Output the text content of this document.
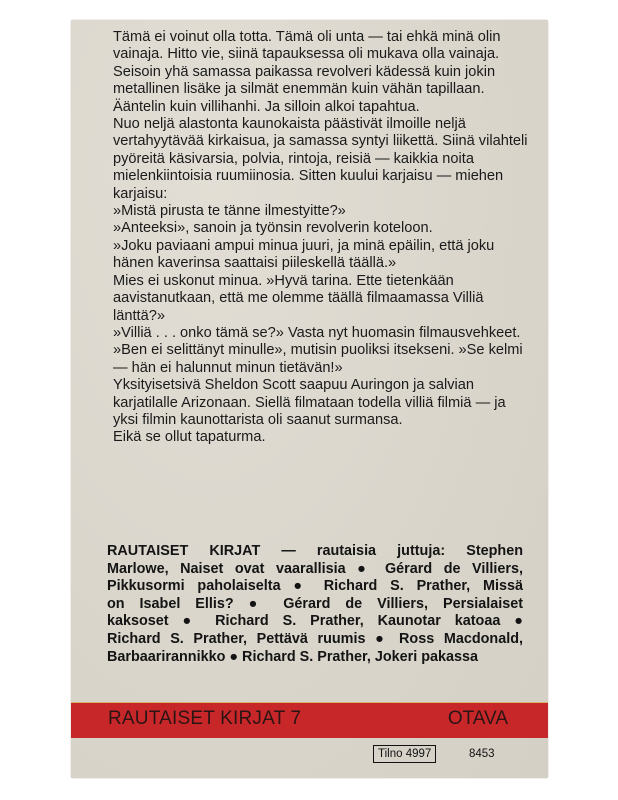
Tämä ei voinut olla totta. Tämä oli unta — tai ehkä minä olin vainaja. Hitto vie, siinä tapauksessa oli mukava olla vainaja. Seisoin yhä samassa paikassa revolveri kädessä kuin jokin metallinen lisäke ja silmät enemmän kuin vähän tapillaan. Ääntelin kuin villihanhi. Ja silloin alkoi tapahtua.

Nuo neljä alastonta kaunokaista päästivät ilmoille neljä vertahyytävää kirkaisua, ja samassa syntyi liikettä. Siinä vilahteli pyöreitä käsivarsia, polvia, rintoja, reisiä — kaikkia noita mielenkiintoisia ruumiinosia. Sitten kuului karjaisu — miehen karjaisu:

»Mistä pirusta te tänne ilmestyitte?»

»Anteeksi», sanoin ja työnsin revolverin koteloon.

»Joku paviaani ampui minua juuri, ja minä epäilin, että joku hänen kaverinsa saattaisi piileskellä täällä.»

Mies ei uskonut minua. »Hyvä tarina. Ette tietenkään aavistanutkaan, että me olemme täällä filmaamassa Villiä länttä?»

»Villiä . . . onko tämä se?» Vasta nyt huomasin filmausvehkeet. »Ben ei selittänyt minulle», mutisin puoliksi itsekseni. »Se kelmi — hän ei halunnut minun tietävän!»

Yksityisetsivä Sheldon Scott saapuu Auringon ja salvian karjatilalle Arizonaan. Siellä filmataan todella villiä filmiä — ja yksi filmin kaunottarista oli saanut surmansa.

Eikä se ollut tapaturma.

RAUTAISET KIRJAT — rautaisia juttuja: Stephen
Marlowe, Naiset ovat vaarallisia ● Gérard de Villiers,
Pikkusormi paholaiselta ● Richard S. Prather, Missä
on Isabel Ellis? ● Gérard de Villiers, Persialaiset
kaksoset ● Richard S. Prather, Kaunotar katoaa ●
Richard S. Prather, Pettävä ruumis ● Ross Macdonald,
Barbaarirannikko ● Richard S. Prather, Jokeri pakassa
RAUTAISET KIRJAT 7	OTAVA
Tilno 4997	8453
